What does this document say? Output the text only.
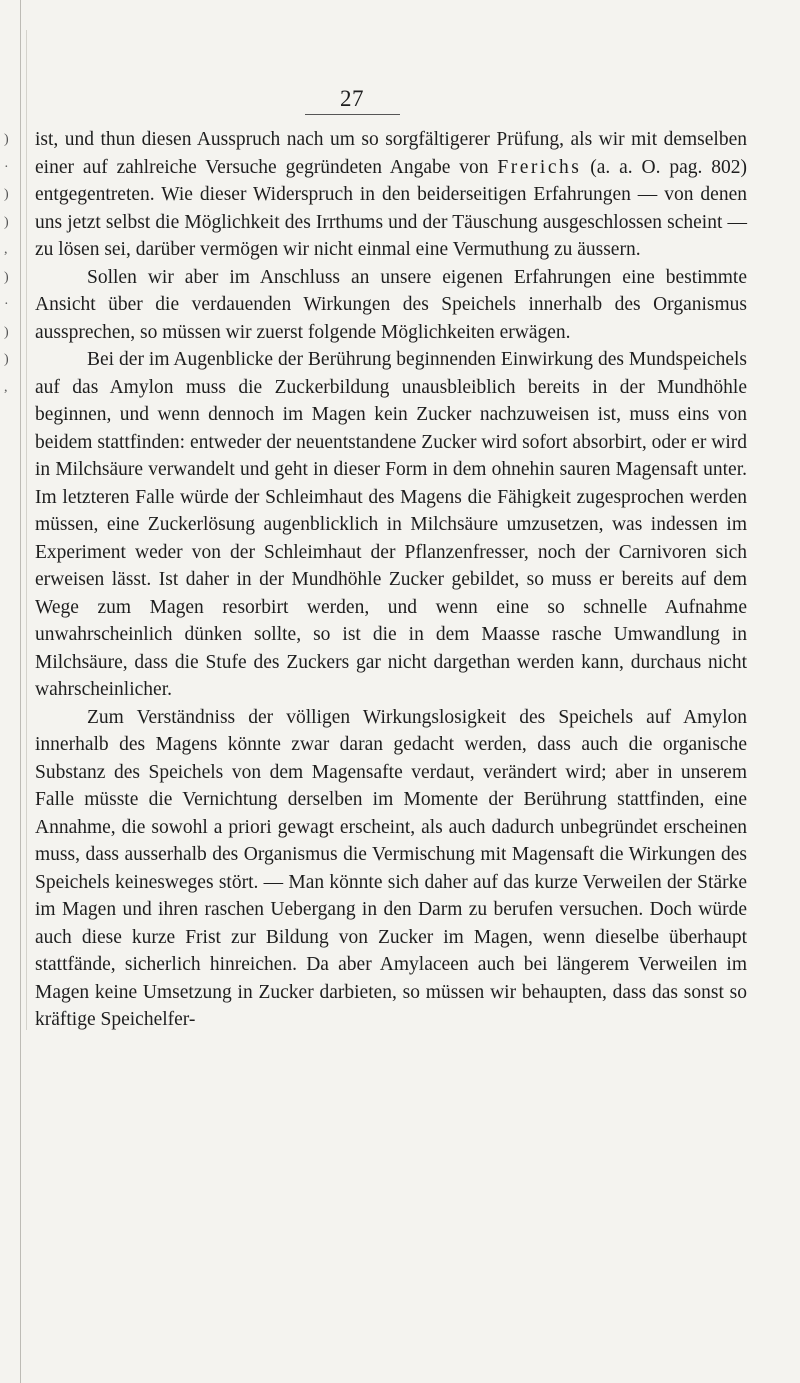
)
·
)
)
,
)
·
)
)
,
27

ist, und thun diesen Ausspruch nach um so sorgfältigerer Prüfung, als wir mit demselben einer auf zahlreiche Versuche gegründeten Angabe von Frerichs (a. a. O. pag. 802) entgegentreten. Wie dieser Widerspruch in den beiderseitigen Erfahrungen — von denen uns jetzt selbst die Möglichkeit des Irrthums und der Täuschung ausgeschlossen scheint — zu lösen sei, darüber vermögen wir nicht einmal eine Vermuthung zu äussern.

Sollen wir aber im Anschluss an unsere eigenen Erfahrungen eine bestimmte Ansicht über die verdauenden Wirkungen des Speichels innerhalb des Organismus aussprechen, so müssen wir zuerst folgende Möglichkeiten erwägen.

Bei der im Augenblicke der Berührung beginnenden Einwirkung des Mundspeichels auf das Amylon muss die Zuckerbildung unausbleiblich bereits in der Mundhöhle beginnen, und wenn dennoch im Magen kein Zucker nachzuweisen ist, muss eins von beidem stattfinden: entweder der neuentstandene Zucker wird sofort absorbirt, oder er wird in Milchsäure verwandelt und geht in dieser Form in dem ohnehin sauren Magensaft unter. Im letzteren Falle würde der Schleimhaut des Magens die Fähigkeit zugesprochen werden müssen, eine Zuckerlösung augenblicklich in Milchsäure umzusetzen, was indessen im Experiment weder von der Schleimhaut der Pflanzenfresser, noch der Carnivoren sich erweisen lässt. Ist daher in der Mundhöhle Zucker gebildet, so muss er bereits auf dem Wege zum Magen resorbirt werden, und wenn eine so schnelle Aufnahme unwahrscheinlich dünken sollte, so ist die in dem Maasse rasche Umwandlung in Milchsäure, dass die Stufe des Zuckers gar nicht dargethan werden kann, durchaus nicht wahrscheinlicher.

Zum Verständniss der völligen Wirkungslosigkeit des Speichels auf Amylon innerhalb des Magens könnte zwar daran gedacht werden, dass auch die organische Substanz des Speichels von dem Magensafte verdaut, verändert wird; aber in unserem Falle müsste die Vernichtung derselben im Momente der Berührung stattfinden, eine Annahme, die sowohl a priori gewagt erscheint, als auch dadurch unbegründet erscheinen muss, dass ausserhalb des Organismus die Vermischung mit Magensaft die Wirkungen des Speichels keinesweges stört. — Man könnte sich daher auf das kurze Verweilen der Stärke im Magen und ihren raschen Uebergang in den Darm zu berufen versuchen. Doch würde auch diese kurze Frist zur Bildung von Zucker im Magen, wenn dieselbe überhaupt stattfände, sicherlich hinreichen. Da aber Amylaceen auch bei längerem Verweilen im Magen keine Umsetzung in Zucker darbieten, so müssen wir behaupten, dass das sonst so kräftige Speichelfer-
